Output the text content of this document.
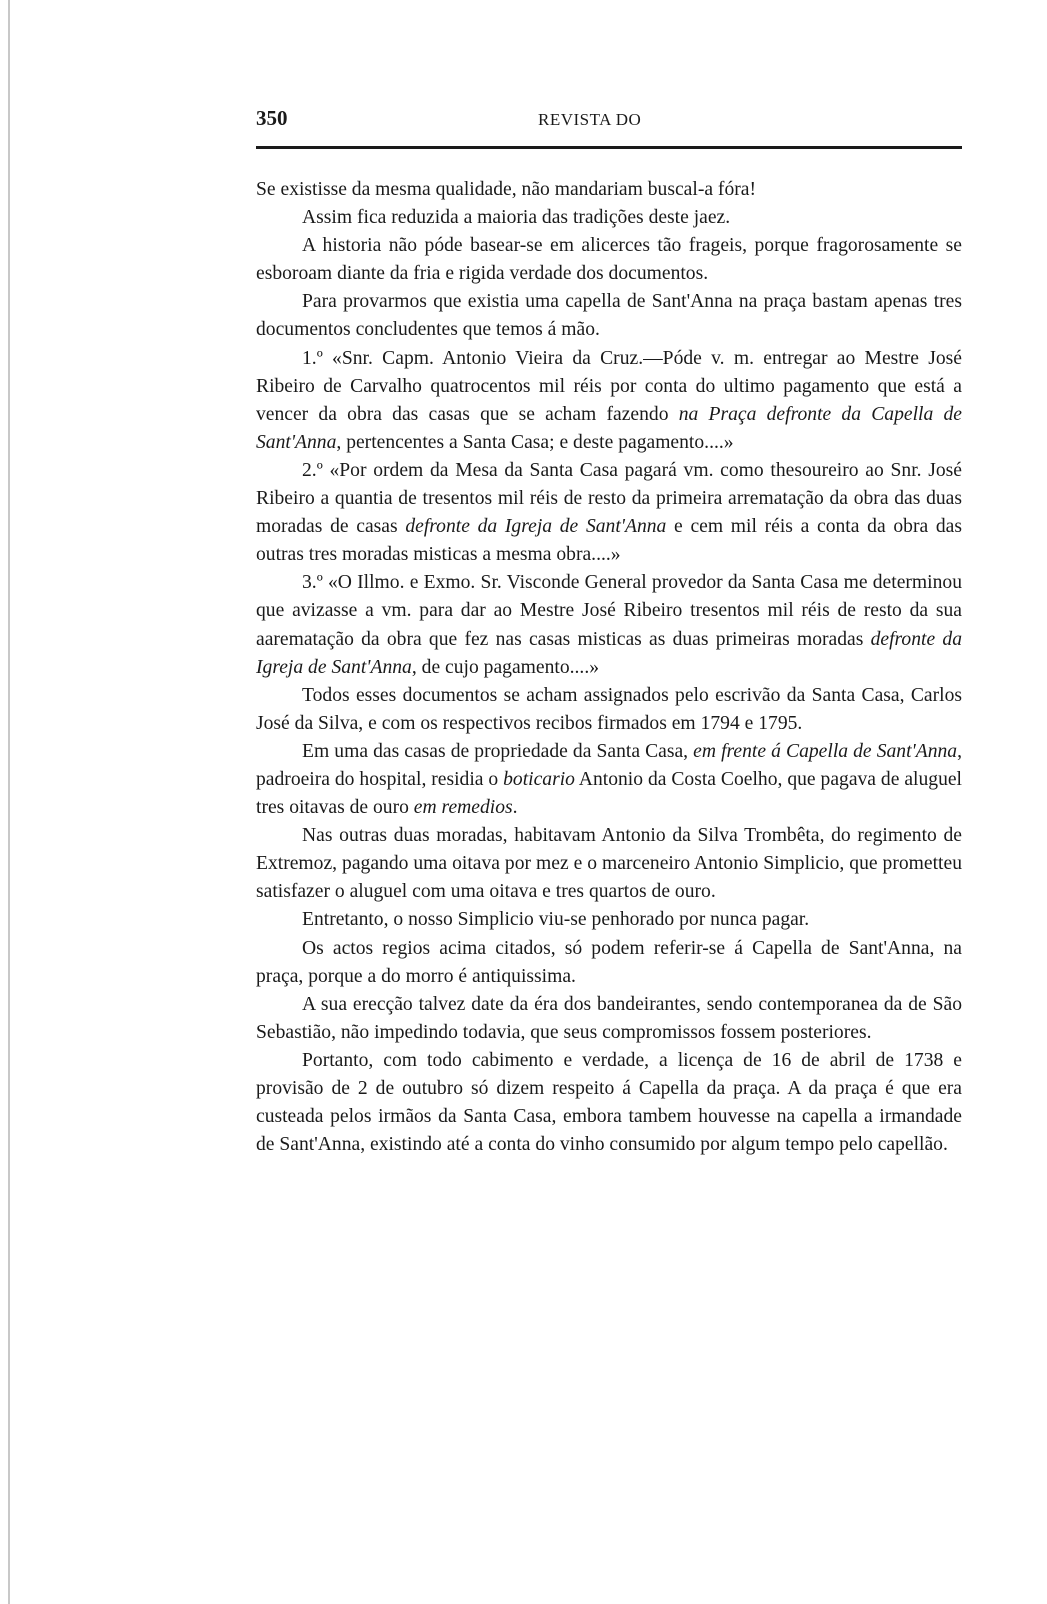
350	REVISTA DO

Se existisse da mesma qualidade, não mandariam buscal-a fóra!

Assim fica reduzida a maioria das tradições deste jaez.

A historia não póde basear-se em alicerces tão frageis, porque fragorosamente se esboroam diante da fria e rigida verdade dos documentos.

Para provarmos que existia uma capella de Sant'Anna na praça bastam apenas tres documentos concludentes que temos á mão.

1.º «Snr. Capm. Antonio Vieira da Cruz.—Póde v. m. entregar ao Mestre José Ribeiro de Carvalho quatrocentos mil réis por conta do ultimo pagamento que está a vencer da obra das casas que se acham fazendo na Praça defronte da Capella de Sant'Anna, pertencentes a Santa Casa; e deste pagamento....»

2.º «Por ordem da Mesa da Santa Casa pagará vm. como thesoureiro ao Snr. José Ribeiro a quantia de tresentos mil réis de resto da primeira arrematação da obra das duas moradas de casas defronte da Igreja de Sant'Anna e cem mil réis a conta da obra das outras tres moradas misticas a mesma obra....»

3.º «O Illmo. e Exmo. Sr. Visconde General provedor da Santa Casa me determinou que avizasse a vm. para dar ao Mestre José Ribeiro tresentos mil réis de resto da sua aarematação da obra que fez nas casas misticas as duas primeiras moradas defronte da Igreja de Sant'Anna, de cujo pagamento....»

Todos esses documentos se acham assignados pelo escrivão da Santa Casa, Carlos José da Silva, e com os respectivos recibos firmados em 1794 e 1795.

Em uma das casas de propriedade da Santa Casa, em frente á Capella de Sant'Anna, padroeira do hospital, residia o boticario Antonio da Costa Coelho, que pagava de aluguel tres oitavas de ouro em remedios.

Nas outras duas moradas, habitavam Antonio da Silva Trombêta, do regimento de Extremoz, pagando uma oitava por mez e o marceneiro Antonio Simplicio, que prometteu satisfazer o aluguel com uma oitava e tres quartos de ouro.

Entretanto, o nosso Simplicio viu-se penhorado por nunca pagar.

Os actos regios acima citados, só podem referir-se á Capella de Sant'Anna, na praça, porque a do morro é antiquissima.

A sua erecção talvez date da éra dos bandeirantes, sendo contemporanea da de São Sebastião, não impedindo todavia, que seus compromissos fossem posteriores.

Portanto, com todo cabimento e verdade, a licença de 16 de abril de 1738 e provisão de 2 de outubro só dizem respeito á Capella da praça. A da praça é que era custeada pelos irmãos da Santa Casa, embora tambem houvesse na capella a irmandade de Sant'Anna, existindo até a conta do vinho consumido por algum tempo pelo capellão.
